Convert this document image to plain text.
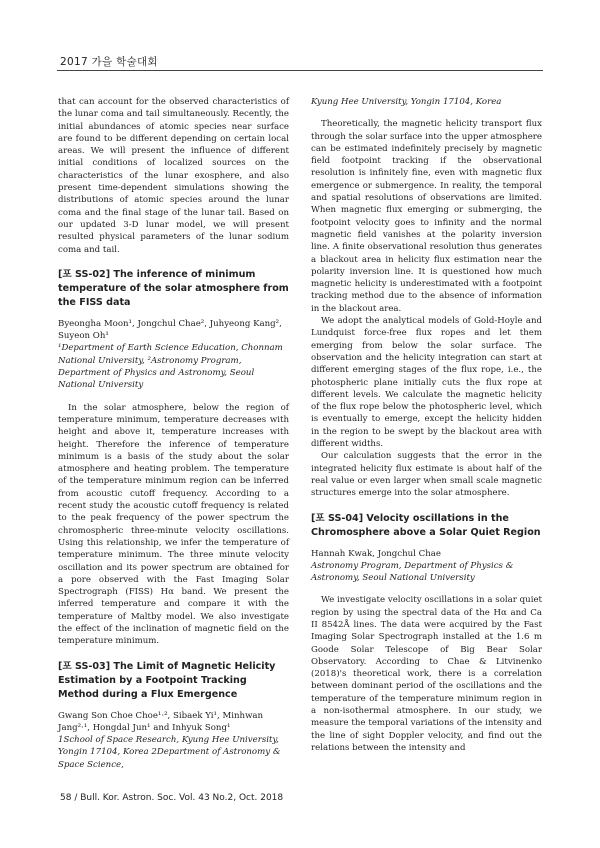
2017 가을 학술대회

that can account for the observed characteristics of the lunar coma and tail simultaneously. Recently, the initial abundances of atomic species near surface are found to be different depending on certain local areas. We will present the influence of different initial conditions of localized sources on the characteristics of the lunar exosphere, and also present time-dependent simulations showing the distributions of atomic species around the lunar coma and the final stage of the lunar tail. Based on our updated 3-D lunar model, we will present resulted physical parameters of the lunar sodium coma and tail.

[포 SS-02] The inference of minimum temperature of the solar atmosphere from the FISS data

Byeongha Moon¹, Jongchul Chae², Juhyeong Kang², Suyeon Oh¹

¹Department of Earth Science Education, Chonnam National University, ²Astronomy Program, Department of Physics and Astronomy, Seoul National University

In the solar atmosphere, below the region of temperature minimum, temperature decreases with height and above it, temperature increases with height. Therefore the inference of temperature minimum is a basis of the study about the solar atmosphere and heating problem. The temperature of the temperature minimum region can be inferred from acoustic cutoff frequency. According to a recent study the acoustic cutoff frequency is related to the peak frequency of the power spectrum the chromospheric three-minute velocity oscillations. Using this relationship, we infer the temperature of temperature minimum. The three minute velocity oscillation and its power spectrum are obtained for a pore observed with the Fast Imaging Solar Spectrograph (FISS) Hα band. We present the inferred temperature and compare it with the temperature of Maltby model. We also investigate the effect of the inclination of magnetic field on the temperature minimum.

[포 SS-03] The Limit of Magnetic Helicity Estimation by a Footpoint Tracking Method during a Flux Emergence

Gwang Son Choe Choe¹·², Sibaek Yi¹, Minhwan Jang²·¹, Hongdal Jun¹ and Inhyuk Song¹

1School of Space Research, Kyung Hee University, Yongin 17104, Korea 2Department of Astronomy & Space Science,

Kyung Hee University, Yongin 17104, Korea

Theoretically, the magnetic helicity transport flux through the solar surface into the upper atmosphere can be estimated indefinitely precisely by magnetic field footpoint tracking if the observational resolution is infinitely fine, even with magnetic flux emergence or submergence. In reality, the temporal and spatial resolutions of observations are limited. When magnetic flux emerging or submerging, the footpoint velocity goes to infinity and the normal magnetic field vanishes at the polarity inversion line. A finite observational resolution thus generates a blackout area in helicity flux estimation near the polarity inversion line. It is questioned how much magnetic helicity is underestimated with a footpoint tracking method due to the absence of information in the blackout area.

We adopt the analytical models of Gold-Hoyle and Lundquist force-free flux ropes and let them emerging from below the solar surface. The observation and the helicity integration can start at different emerging stages of the flux rope, i.e., the photospheric plane initially cuts the flux rope at different levels. We calculate the magnetic helicity of the flux rope below the photospheric level, which is eventually to emerge, except the helicity hidden in the region to be swept by the blackout area with different widths.

Our calculation suggests that the error in the integrated helicity flux estimate is about half of the real value or even larger when small scale magnetic structures emerge into the solar atmosphere.

[포 SS-04] Velocity oscillations in the Chromosphere above a Solar Quiet Region

Hannah Kwak, Jongchul Chae

Astronomy Program, Department of Physics & Astronomy, Seoul National University

We investigate velocity oscillations in a solar quiet region by using the spectral data of the Hα and Ca II 8542Å lines. The data were acquired by the Fast Imaging Solar Spectrograph installed at the 1.6 m Goode Solar Telescope of Big Bear Solar Observatory. According to Chae & Litvinenko (2018)'s theoretical work, there is a correlation between dominant period of the oscillations and the temperature of the temperature minimum region in a non-isothermal atmosphere. In our study, we measure the temporal variations of the intensity and the line of sight Doppler velocity, and find out the relations between the intensity and

58 / Bull. Kor. Astron. Soc. Vol. 43 No.2, Oct. 2018
